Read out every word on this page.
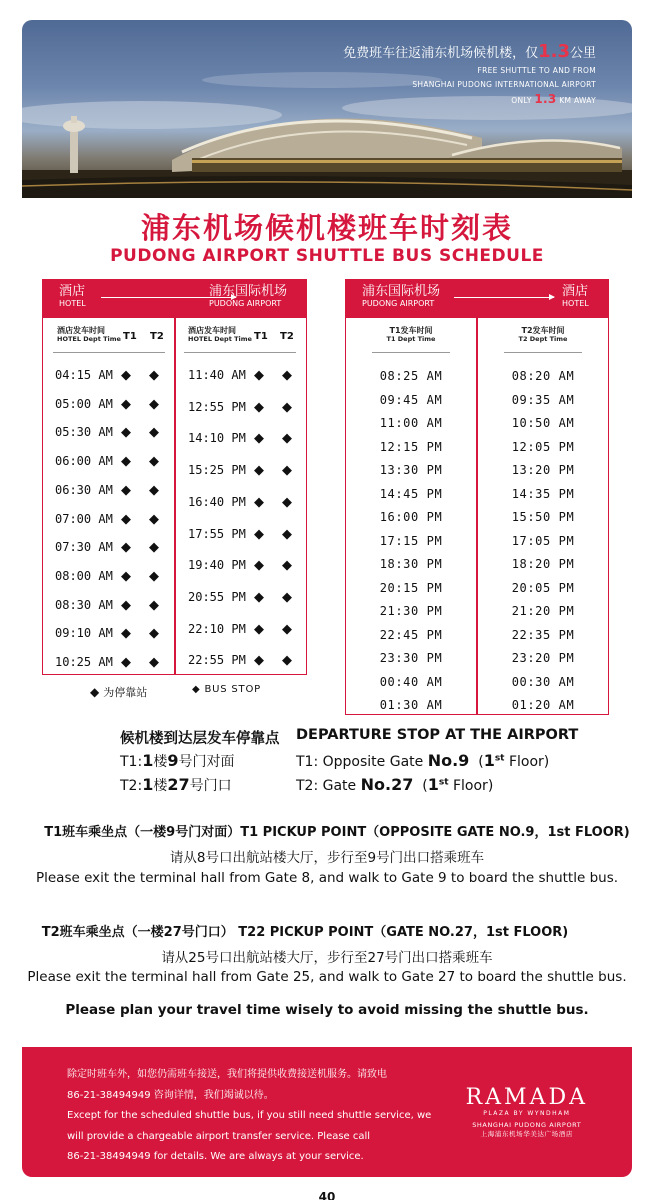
免费班车往返浦东机场候机楼，仅1.3公里
FREE SHUTTLE TO AND FROM
SHANGHAI PUDONG INTERNATIONAL AIRPORT
ONLY 1.3 KM AWAY
浦东机场候机楼班车时刻表
PUDONG AIRPORT SHUTTLE BUS SCHEDULE
酒店
HOTEL
浦东国际机场
PUDONG AIRPORT
酒店发车时间
HOTEL Dept Time T1 T2
04:15 AM ◆ ◆
05:00 AM ◆ ◆
05:30 AM ◆ ◆
06:00 AM ◆ ◆
06:30 AM ◆ ◆
07:00 AM ◆ ◆
07:30 AM ◆ ◆
08:00 AM ◆ ◆
08:30 AM ◆ ◆
09:10 AM ◆ ◆
10:25 AM ◆ ◆
酒店发车时间
HOTEL Dept Time T1 T2
11:40 AM ◆ ◆
12:55 PM ◆ ◆
14:10 PM ◆ ◆
15:25 PM ◆ ◆
16:40 PM ◆ ◆
17:55 PM ◆ ◆
19:40 PM ◆ ◆
20:55 PM ◆ ◆
22:10 PM ◆ ◆
22:55 PM ◆ ◆
◆ 为停靠站	◆ BUS STOP
浦东国际机场
PUDONG AIRPORT
酒店
HOTEL
T1发车时间
T1 Dept Time
08:25 AM
09:45 AM
11:00 AM
12:15 PM
13:30 PM
14:45 PM
16:00 PM
17:15 PM
18:30 PM
20:15 PM
21:30 PM
22:45 PM
23:30 PM
00:40 AM
01:30 AM
T2发车时间
T2 Dept Time
08:20 AM
09:35 AM
10:50 AM
12:05 PM
13:20 PM
14:35 PM
15:50 PM
17:05 PM
18:20 PM
20:05 PM
21:20 PM
22:35 PM
23:20 PM
00:30 AM
01:20 AM
候机楼到达层发车停靠点 DEPARTURE STOP AT THE AIRPORT
T1:1楼9号门对面
T2:1楼27号门口
T1: Opposite Gate No.9  (1st Floor)
T2: Gate No.27  (1st Floor)
T1班车乘坐点（一楼9号门对面）T1 PICKUP POINT（OPPOSITE GATE NO.9，1st FLOOR)
请从8号口出航站楼大厅，步行至9号门出口搭乘班车
Please exit the terminal hall from Gate 8, and walk to Gate 9 to board the shuttle bus.
T2班车乘坐点（一楼27号门口） T22 PICKUP POINT（GATE NO.27，1st FLOOR)
请从25号口出航站楼大厅，步行至27号门出口搭乘班车
Please exit the terminal hall from Gate 25, and walk to Gate 27 to board the shuttle bus.
Please plan your travel time wisely to avoid missing the shuttle bus.
除定时班车外，如您仍需班车接送，我们将提供收费接送机服务。请致电
86-21-38494949 咨询详情，我们竭诚以待。
Except for the scheduled shuttle bus, if you still need shuttle service, we
will provide a chargeable airport transfer service. Please call
86-21-38494949 for details. We are always at your service.
RAMADA
PLAZA BY WYNDHAM
SHANGHAI PUDONG AIRPORT
上海浦东机场华美达广场酒店
40
